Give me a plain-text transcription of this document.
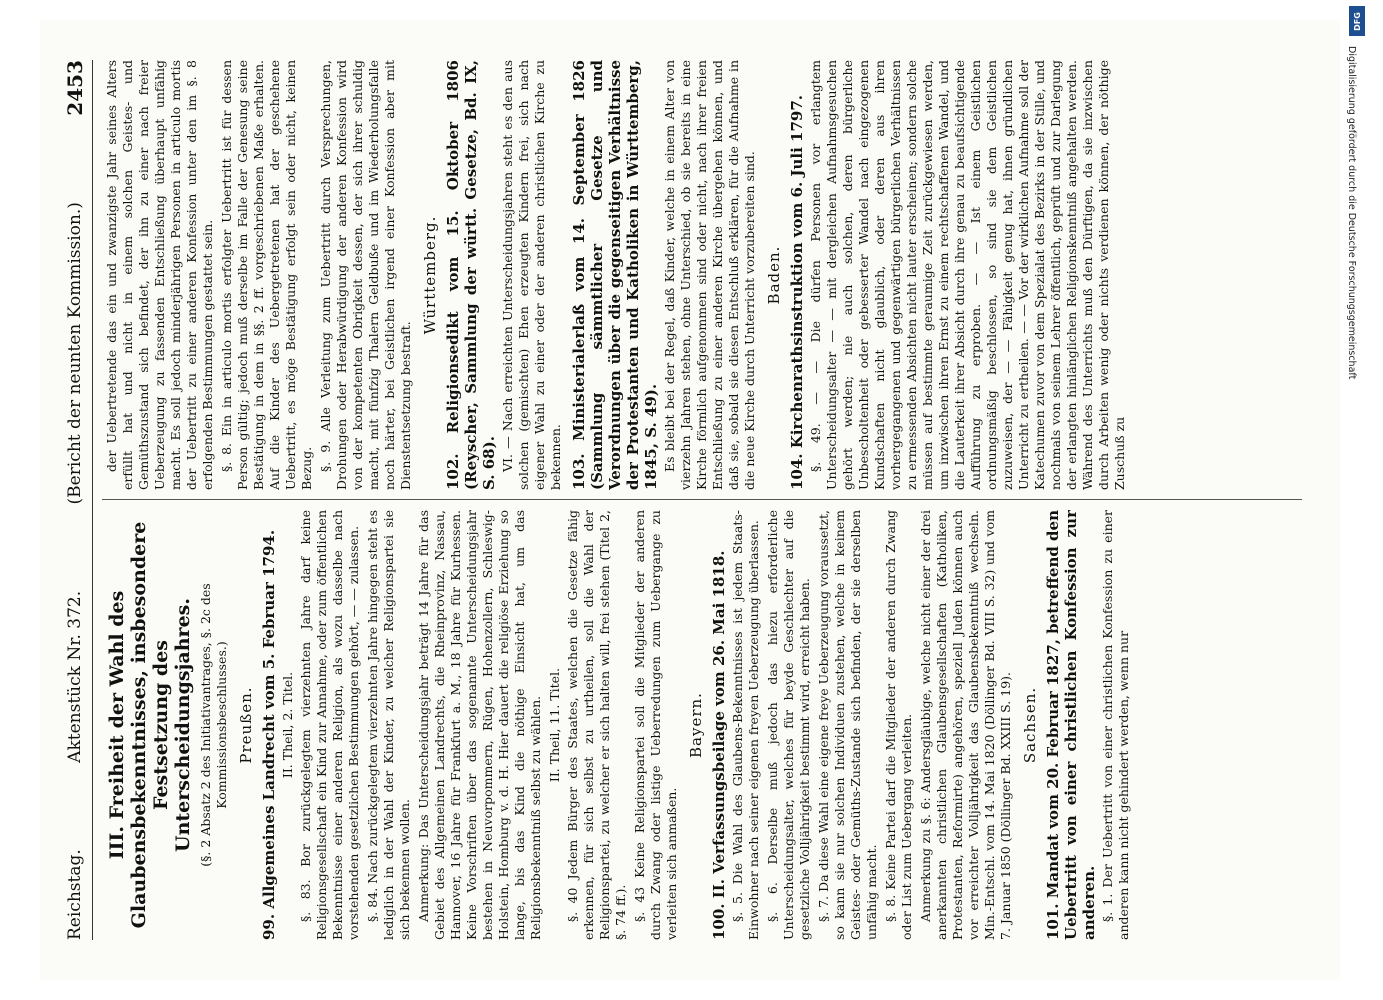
Reichstag.
Aktenstück Nr. 372.
(Bericht der neunten Kommission.)
2453
III. Freiheit der Wahl des Glaubensbekenntnisses, insbesondere Festsetzung des Unterscheidungsjahres. (§. 2 Absatz 2 des Initiativantrages, §. 2c des Kommissionsbeschlusses.) Preußen. 99. Allgemeines Landrecht vom 5. Februar 1794. II. Theil, 2. Titel. §. 83. Bor zurückgelegtem vierzehnten Jahre darf keine Religionsgesellschaft ein Kind zur Annahme, oder zum öffentlichen Bekenntnisse einer anderen Religion, als wozu dasselbe nach vorstehenden gesetzlichen Bestimmungen gehört, — — zulassen. §. 84. Nach zurückgelegtem vierzehnten Jahre hingegen steht es lediglich in der Wahl der Kinder, zu welcher Religionspartei sie sich bekennen wollen. Anmerkung: Das Unterscheidungsjahr beträgt 14 Jahre für das Gebiet des Allgemeinen Landrechts, die Rheinprovinz, Nassau, Hannover, 16 Jahre für Frankfurt a. M., 18 Jahre für Kurhessen. Keine Vorschriften über das sogenannte Unterscheidungsjahr bestehen in Neuvorpommern, Rügen, Hohenzollern, Schleswig-Holstein, Homburg v. d. H. Hier dauert die religiöse Erziehung so lange, bis das Kind die nöthige Einsicht hat, um das Religionsbekenntniß selbst zu wählen. II. Theil, 11. Titel. §. 40 Jedem Bürger des Staates, welchen die Gesetze fähig erkennen, für sich selbst zu urtheilen, soll die Wahl der Religionspartei, zu welcher er sich halten will, frei stehen (Titel 2, §. 74 ff.). §. 43 Keine Religionspartei soll die Mitglieder der anderen durch Zwang oder listige Ueberredungen zum Uebergange zu verleiten sich anmaßen.

Bayern. 100. II. Verfassungsbeilage vom 26. Mai 1818. §. 5. Die Wahl des Glaubens-Bekenntnisses ist jedem Staats-Einwohner nach seiner eigenen freyen Ueberzeugung überlassen. §. 6. Derselbe muß jedoch das hiezu erforderliche Unterscheidungsalter, welches für beyde Geschlechter auf die gesetzliche Volljährigkeit bestimmt wird, erreicht haben. §. 7. Da diese Wahl eine eigene freye Ueberzeugung voraussetzt, so kann sie nur solchen Individuen zustehen, welche in keinem Geistes- oder Gemüths-Zustande sich befinden, der sie derselben unfähig macht. §. 8. Keine Partei darf die Mitglieder der anderen durch Zwang oder List zum Uebergang verleiten. Anmerkung zu §. 6: Andersgläubige, welche nicht einer der drei anerkannten christlichen Glaubensgesellschaften (Katholiken, Protestanten, Reformirte) angehören, speziell Juden können auch vor erreichter Volljährigkeit das Glaubensbekenntniß wechseln. Min.-Entschl. vom 14. Mai 1820 (Döllinger Bd. VIII S. 32) und vom 7. Januar 1850 (Döllinger Bd. XXIII S. 19). Sachsen. 101. Mandat vom 20. Februar 1827, betreffend den Uebertritt von einer christlichen Konfession zur anderen. §. 1. Der Uebertritt von einer christlichen Konfession zu einer anderen kann nicht gehindert werden, wenn nur

der Uebertretende das ein und zwanzigste Jahr seines Alters erfüllt hat und nicht in einem solchen Geistes- und Gemüthszustand sich befindet, der ihn zu einer nach freier Ueberzeugung zu fassenden Entschließung überhaupt unfähig macht. Es soll jedoch minderjährigen Personen in articulo mortis der Uebertritt zu einer anderen Konfession unter den im §. 8 erfolgenden Bestimmungen gestattet sein. §. 8. Ein in articulo mortis erfolgter Uebertritt ist für dessen Person gültig; jedoch muß derselbe im Falle der Genesung seine Bestätigung in dem in §§. 2 ff. vorgeschriebenen Maße erhalten. Auf die Kinder des Uebergetretenen hat der geschehene Uebertritt, es möge Bestätigung erfolgt sein oder nicht, keinen Bezug. §. 9. Alle Verleitung zum Uebertritt durch Versprechungen, Drohungen oder Herabwürdigung der anderen Konfession wird von der kompetenten Obrigkeit dessen, der sich ihrer schuldig macht, mit fünfzig Thalern Geldbuße und im Wiederholungsfalle noch härter, bei Geistlichen irgend einer Konfession aber mit Dienstentsetzung bestraft.

Württemberg. 102. Religionsedikt vom 15. Oktober 1806 (Reyscher, Sammlung der württ. Gesetze, Bd. IX, S. 68). VI. — Nach erreichten Unterscheidungsjahren steht es den aus solchen (gemischten) Ehen erzeugten Kindern frei, sich nach eigener Wahl zu einer oder der anderen christlichen Kirche zu bekennen. 103. Ministerialerlaß vom 14. September 1826 (Sammlung sämmtlicher Gesetze und Verordnungen über die gegenseitigen Verhältnisse der Protestanten und Katholiken in Württemberg, 1845, S. 49). Es bleibt bei der Regel, daß Kinder, welche in einem Alter von vierzehn Jahren stehen, ohne Unterschied, ob sie bereits in eine Kirche förmlich aufgenommen sind oder nicht, nach ihrer freien Entschließung zu einer anderen Kirche übergehen können, und daß sie, sobald sie diesen Entschluß erklären, für die Aufnahme in die neue Kirche durch Unterricht vorzubereiten sind. Baden. 104. Kirchenrathsinstruktion vom 6. Juli 1797. §. 49. — — Die dürfen Personen vor erlangtem Unterscheidungsalter — — mit dergleichen Aufnahmsgesuchen gehört werden; nie auch solchen, deren bürgerliche Unbescholtenheit oder gebesserter Wandel nach eingezogenen Kundschaften nicht glaublich, oder deren aus ihren vorhergegangenen und gegenwärtigen bürgerlichen Verhältnissen zu ermessenden Absichten nicht lauter erscheinen; sondern solche müssen auf bestimmte geraumige Zeit zurückgewiesen werden, um inzwischen ihren Ernst zu einem rechtschaffenen Wandel, und die Lauterkeit ihrer Absicht durch ihre genau zu beaufsichtigende Aufführung zu erproben. — — Ist einem Geistlichen ordnungsmäßig beschlossen, so sind sie dem Geistlichen zuzuweisen, der — — Fähigkeit genug hat, ihnen gründlichen Unterricht zu ertheilen. — — Vor der wirklichen Aufnahme soll der Katechumen zuvor von dem Spezialat des Bezirks in der Stille, und nochmals von seinem Lehrer öffentlich, geprüft und zur Darlegung der erlangten hinlänglichen Religionskenntniß angehalten werden. Während des Unterrichts muß den Dürftigen, da sie inzwischen durch Arbeiten wenig oder nichts verdienen können, der nöthige Zuschuß zu

DFG
Digitalisierung gefördert durch die Deutsche Forschungsgemeinschaft
